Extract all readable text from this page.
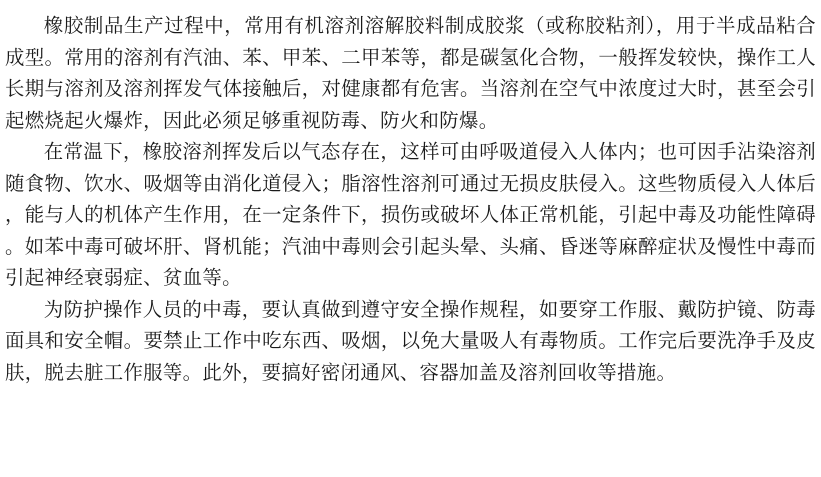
橡胶制品生产过程中，常用有机溶剂溶解胶料制成胶浆（或称胶粘剂），用于半成品粘合成型。常用的溶剂有汽油、苯、甲苯、二甲苯等，都是碳氢化合物，一般挥发较快，操作工人长期与溶剂及溶剂挥发气体接触后，对健康都有危害。当溶剂在空气中浓度过大时，甚至会引起燃烧起火爆炸，因此必须足够重视防毒、防火和防爆。

在常温下，橡胶溶剂挥发后以气态存在，这样可由呼吸道侵入人体内；也可因手沾染溶剂随食物、饮水、吸烟等由消化道侵入；脂溶性溶剂可通过无损皮肤侵入。这些物质侵入人体后，能与人的机体产生作用，在一定条件下，损伤或破坏人体正常机能，引起中毒及功能性障碍。如苯中毒可破坏肝、肾机能；汽油中毒则会引起头晕、头痛、昏迷等麻醉症状及慢性中毒而引起神经衰弱症、贫血等。

为防护操作人员的中毒，要认真做到遵守安全操作规程，如要穿工作服、戴防护镜、防毒面具和安全帽。要禁止工作中吃东西、吸烟，以免大量吸人有毒物质。工作完后要洗净手及皮肤，脱去脏工作服等。此外，要搞好密闭通风、容器加盖及溶剂回收等措施。
